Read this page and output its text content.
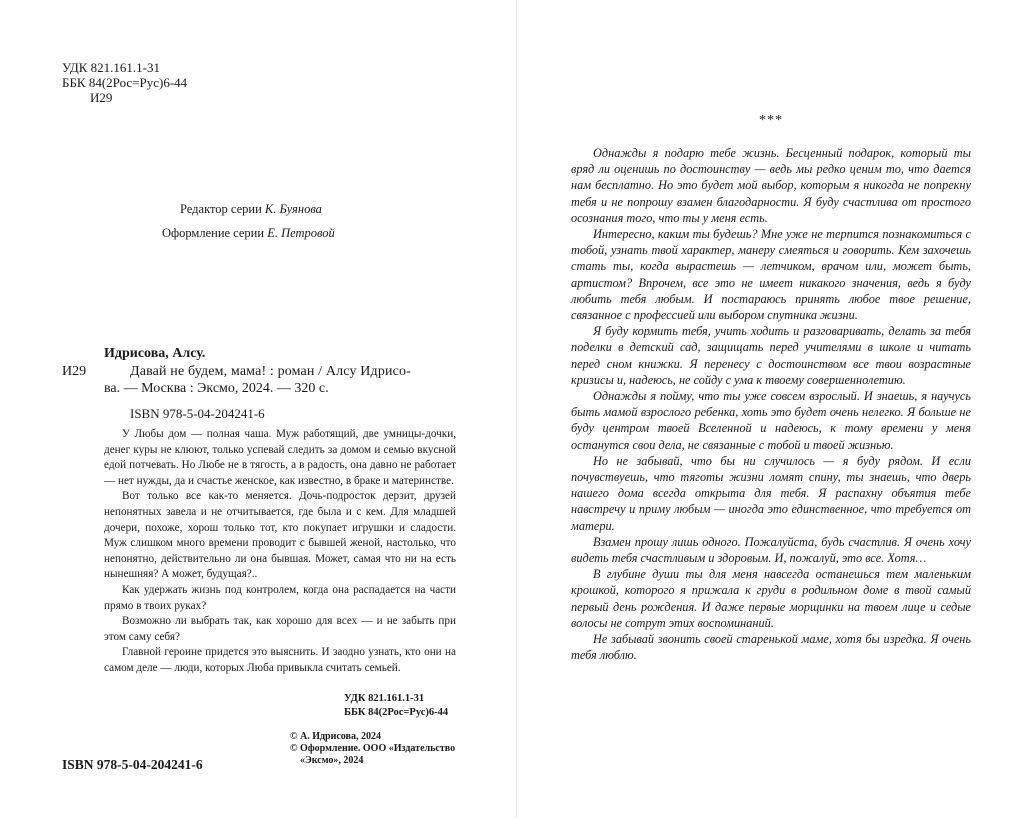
УДК 821.161.1-31
ББК 84(2Рос=Рус)6-44
И29
Редактор серии К. Буянова
Оформление серии Е. Петровой
Идрисова, Алсу.
И29	Давай не будем, мама! : роман / Алсу Идрисо-
ва. — Москва : Эксмо, 2024. — 320 с.
ISBN 978-5-04-204241-6

У Любы дом — полная чаша. Муж работящий, две умницы-дочки, денег куры не клюют, только успевай следить за домом и семью вкусной едой потчевать. Но Любе не в тягость, а в радость, она давно не работает — нет нужды, да и счастье женское, как известно, в браке и материнстве.

Вот только все как-то меняется. Дочь-подросток дерзит, друзей непонятных завела и не отчитывается, где была и с кем. Для младшей дочери, похоже, хорош только тот, кто покупает игрушки и сладости. Муж слишком много времени проводит с бывшей женой, настолько, что непонятно, действительно ли она бывшая. Может, самая что ни на есть нынешняя? А может, будущая?..

Как удержать жизнь под контролем, когда она распадается на части прямо в твоих руках?

Возможно ли выбрать так, как хорошо для всех — и не забыть при этом саму себя?

Главной героине придется это выяснить. И заодно узнать, кто они на самом деле — люди, которых Люба привыкла считать семьей.

УДК 821.161.1-31
ББК 84(2Рос=Рус)6-44
© А. Идрисова, 2024
© Оформление. ООО «Издательство
«Эксмо», 2024
ISBN 978-5-04-204241-6
***

Однажды я подарю тебе жизнь. Бесценный подарок, который ты вряд ли оценишь по достоинству — ведь мы редко ценим то, что дается нам бесплатно. Но это будет мой выбор, которым я никогда не попрекну тебя и не попрошу взамен благодарности. Я буду счастлива от простого осознания того, что ты у меня есть.

Интересно, каким ты будешь? Мне уже не терпится познакомиться с тобой, узнать твой характер, манеру смеяться и говорить. Кем захочешь стать ты, когда вырастешь — летчиком, врачом или, может быть, артистом? Впрочем, все это не имеет никакого значения, ведь я буду любить тебя любым. И постараюсь принять любое твое решение, связанное с профессией или выбором спутника жизни.

Я буду кормить тебя, учить ходить и разговаривать, делать за тебя поделки в детский сад, защищать перед учителями в школе и читать перед сном книжки. Я перенесу с достоинством все твои возрастные кризисы и, надеюсь, не сойду с ума к твоему совершеннолетию.

Однажды я пойму, что ты уже совсем взрослый. И знаешь, я научусь быть мамой взрослого ребенка, хоть это будет очень нелегко. Я больше не буду центром твоей Вселенной и надеюсь, к тому времени у меня останутся свои дела, не связанные с тобой и твоей жизнью.

Но не забывай, что бы ни случилось — я буду рядом. И если почувствуешь, что тяготы жизни ломят спину, ты знаешь, что дверь нашего дома всегда открыта для тебя. Я распахну объятия тебе навстречу и приму любым — иногда это единственное, что требуется от матери.

Взамен прошу лишь одного. Пожалуйста, будь счастлив. Я очень хочу видеть тебя счастливым и здоровым. И, пожалуй, это все. Хотя…

В глубине души ты для меня навсегда останешься тем маленьким крошкой, которого я прижала к груди в родильном доме в твой самый первый день рождения. И даже первые морщинки на твоем лице и седые волосы не сотрут этих воспоминаний.

Не забывай звонить своей старенькой маме, хотя бы изредка. Я очень тебя люблю.
